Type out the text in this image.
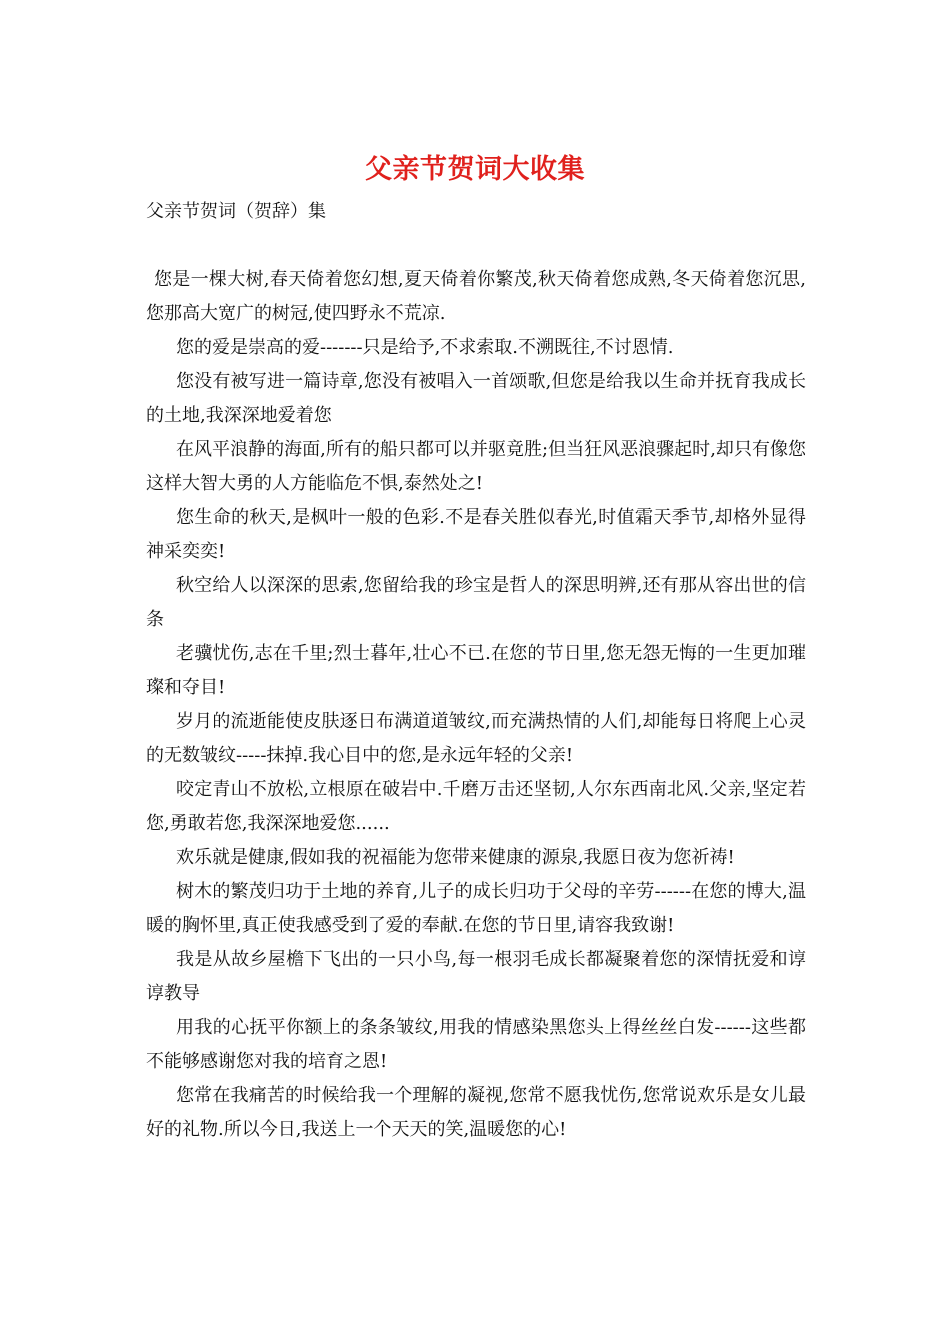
父亲节贺词大收集

父亲节贺词（贺辞）集

您是一棵大树,春天倚着您幻想,夏天倚着你繁茂,秋天倚着您成熟,冬天倚着您沉思,您那高大宽广的树冠,使四野永不荒凉.

您的爱是崇高的爱-------只是给予,不求索取.不溯既往,不讨恩情.

您没有被写进一篇诗章,您没有被唱入一首颂歌,但您是给我以生命并抚育我成长的土地,我深深地爱着您

在风平浪静的海面,所有的船只都可以并驱竟胜;但当狂风恶浪骤起时,却只有像您这样大智大勇的人方能临危不惧,泰然处之!

您生命的秋天,是枫叶一般的色彩.不是春关胜似春光,时值霜天季节,却格外显得神采奕奕!

秋空给人以深深的思索,您留给我的珍宝是哲人的深思明辨,还有那从容出世的信条

老骥忧伤,志在千里;烈士暮年,壮心不已.在您的节日里,您无怨无悔的一生更加璀璨和夺目!

岁月的流逝能使皮肤逐日布满道道皱纹,而充满热情的人们,却能每日将爬上心灵的无数皱纹-----抹掉.我心目中的您,是永远年轻的父亲!

咬定青山不放松,立根原在破岩中.千磨万击还坚韧,人尔东西南北风.父亲,坚定若您,勇敢若您,我深深地爱您......

欢乐就是健康,假如我的祝福能为您带来健康的源泉,我愿日夜为您祈祷!

树木的繁茂归功于土地的养育,儿子的成长归功于父母的辛劳------在您的博大,温暖的胸怀里,真正使我感受到了爱的奉献.在您的节日里,请容我致谢!

我是从故乡屋檐下飞出的一只小鸟,每一根羽毛成长都凝聚着您的深情抚爱和谆谆教导

用我的心抚平你额上的条条皱纹,用我的情感染黑您头上得丝丝白发------这些都不能够感谢您对我的培育之恩!

您常在我痛苦的时候给我一个理解的凝视,您常不愿我忧伤,您常说欢乐是女儿最好的礼物.所以今日,我送上一个天天的笑,温暖您的心!
